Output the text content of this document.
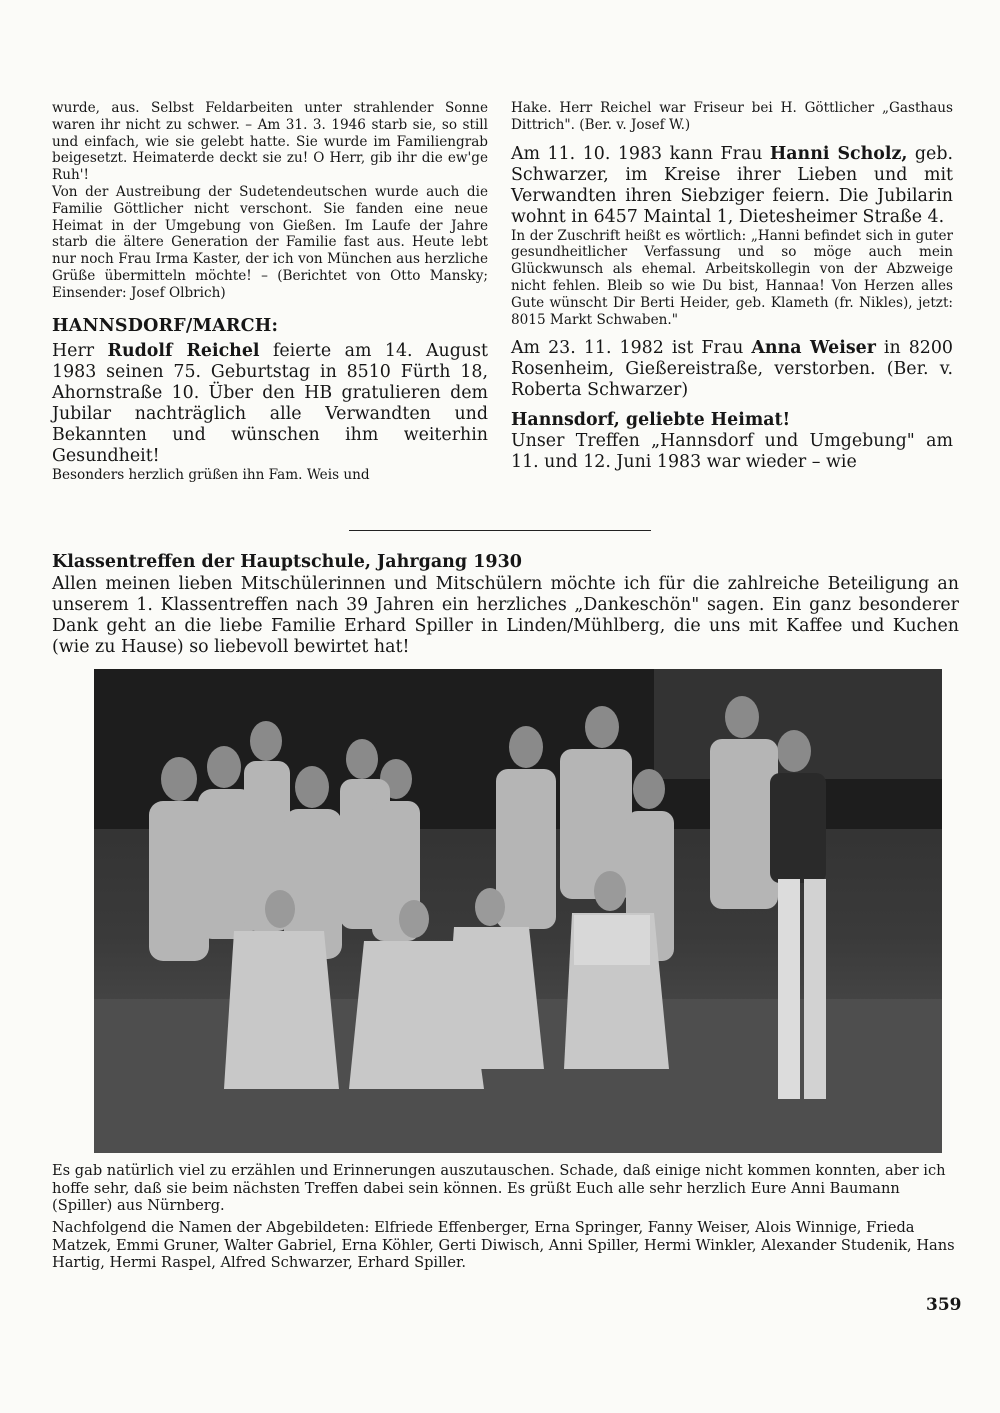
wurde, aus. Selbst Feldarbeiten unter strahlender Sonne waren ihr nicht zu schwer. – Am 31. 3. 1946 starb sie, so still und einfach, wie sie gelebt hatte. Sie wurde im Familiengrab beigesetzt. Heimaterde deckt sie zu! O Herr, gib ihr die ew'ge Ruh'!

Von der Austreibung der Sudetendeutschen wurde auch die Familie Göttlicher nicht verschont. Sie fanden eine neue Heimat in der Umgebung von Gießen. Im Laufe der Jahre starb die ältere Generation der Familie fast aus. Heute lebt nur noch Frau Irma Kaster, der ich von München aus herzliche Grüße übermitteln möchte! – (Berichtet von Otto Mansky; Einsender: Josef Olbrich)

HANNSDORF/MARCH:

Herr Rudolf Reichel feierte am 14. August 1983 seinen 75. Geburtstag in 8510 Fürth 18, Ahornstraße 10. Über den HB gratulieren dem Jubilar nachträglich alle Verwandten und Bekannten und wünschen ihm weiterhin Gesundheit!

Besonders herzlich grüßen ihn Fam. Weis und

Hake. Herr Reichel war Friseur bei H. Göttlicher „Gasthaus Dittrich". (Ber. v. Josef W.)

Am 11. 10. 1983 kann Frau Hanni Scholz, geb. Schwarzer, im Kreise ihrer Lieben und mit Verwandten ihren Siebziger feiern. Die Jubilarin wohnt in 6457 Maintal 1, Dietesheimer Straße 4.

In der Zuschrift heißt es wörtlich: „Hanni befindet sich in guter gesundheitlicher Verfassung und so möge auch mein Glückwunsch als ehemal. Arbeitskollegin von der Abzweige nicht fehlen. Bleib so wie Du bist, Hannaa! Von Herzen alles Gute wünscht Dir Berti Heider, geb. Klameth (fr. Nikles), jetzt: 8015 Markt Schwaben."

Am 23. 11. 1982 ist Frau Anna Weiser in 8200 Rosenheim, Gießereistraße, verstorben. (Ber. v. Roberta Schwarzer)

Hannsdorf, geliebte Heimat!

Unser Treffen „Hannsdorf und Umgebung" am 11. und 12. Juni 1983 war wieder – wie

Klassentreffen der Hauptschule, Jahrgang 1930

Allen meinen lieben Mitschülerinnen und Mitschülern möchte ich für die zahlreiche Beteiligung an unserem 1. Klassentreffen nach 39 Jahren ein herzliches „Dankeschön" sagen. Ein ganz besonderer Dank geht an die liebe Familie Erhard Spiller in Linden/Mühlberg, die uns mit Kaffee und Kuchen (wie zu Hause) so liebevoll bewirtet hat!

Es gab natürlich viel zu erzählen und Erinnerungen auszutauschen. Schade, daß einige nicht kommen konnten, aber ich hoffe sehr, daß sie beim nächsten Treffen dabei sein können. Es grüßt Euch alle sehr herzlich Eure Anni Baumann (Spiller) aus Nürnberg.

Nachfolgend die Namen der Abgebildeten: Elfriede Effenberger, Erna Springer, Fanny Weiser, Alois Winnige, Frieda Matzek, Emmi Gruner, Walter Gabriel, Erna Köhler, Gerti Diwisch, Anni Spiller, Hermi Winkler, Alexander Studenik, Hans Hartig, Hermi Raspel, Alfred Schwarzer, Erhard Spiller.

359
